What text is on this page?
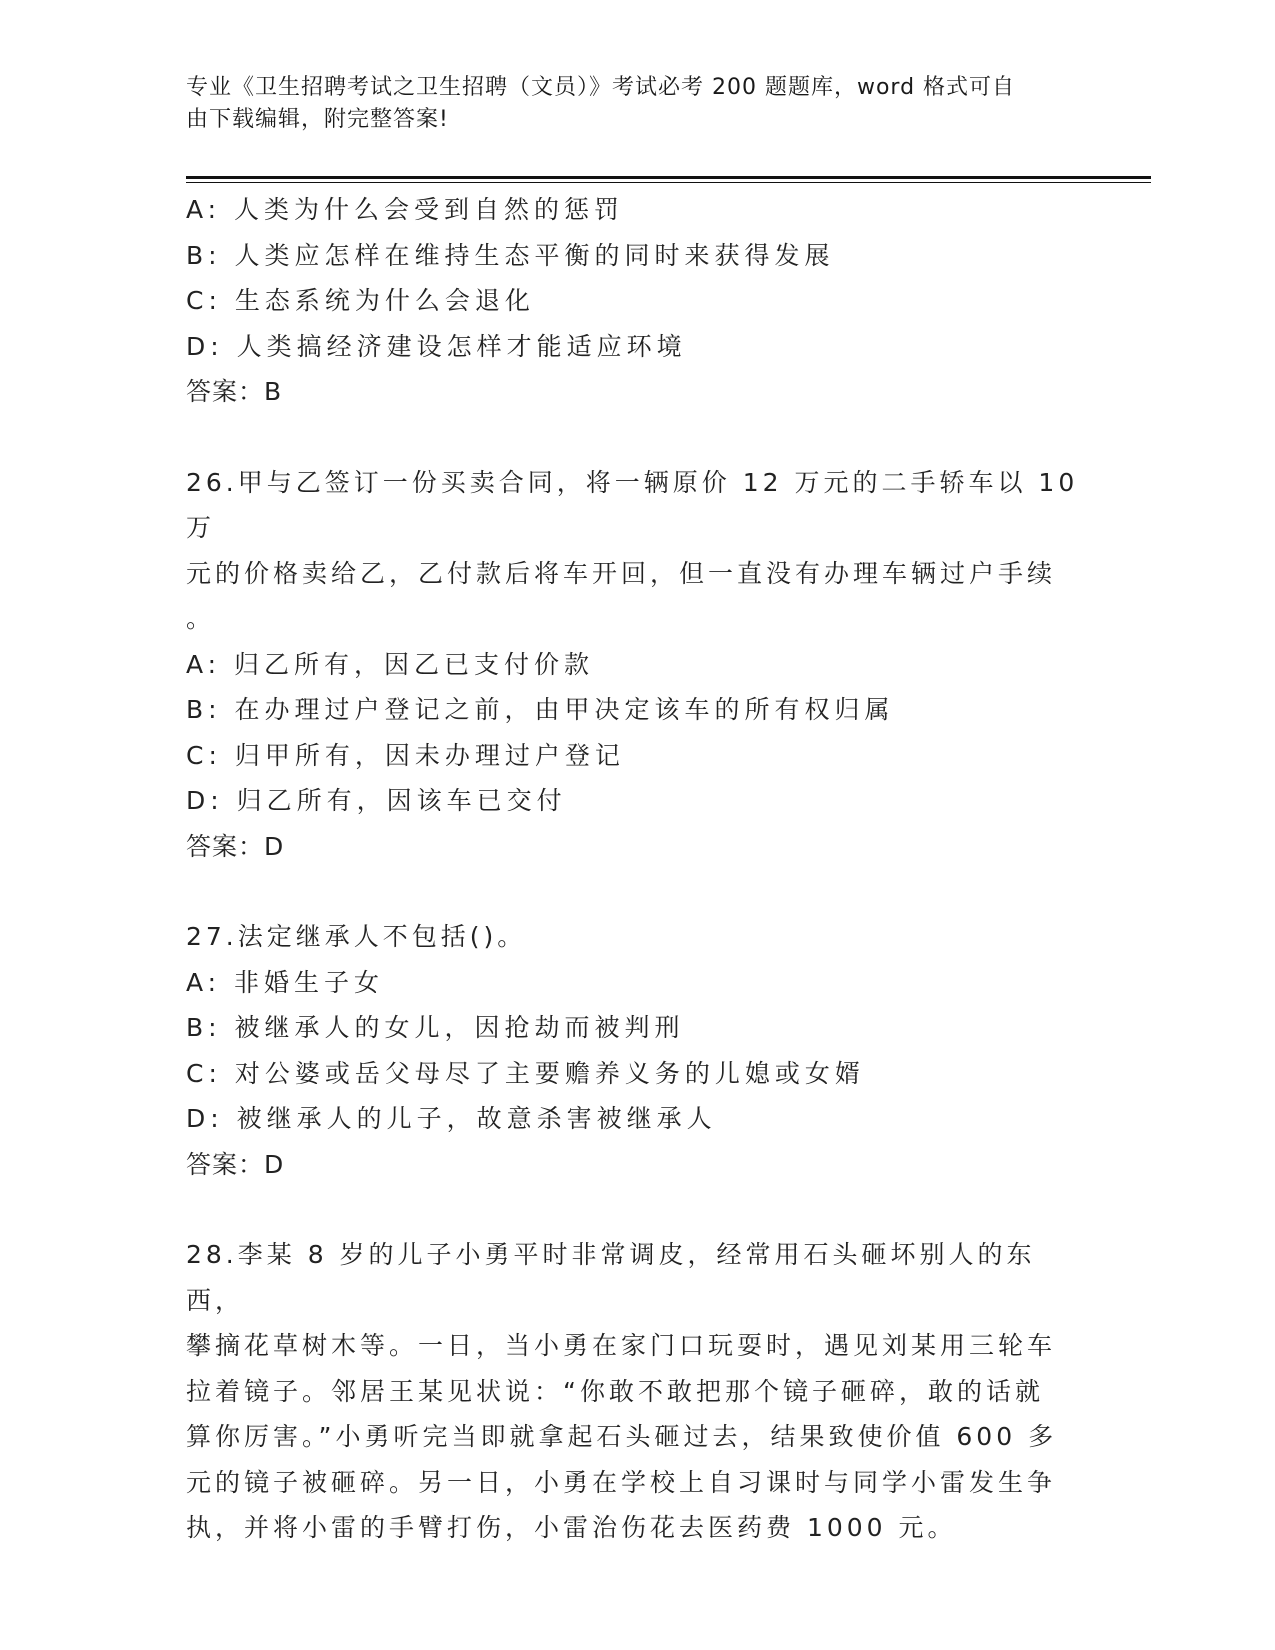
专业《卫生招聘考试之卫生招聘（文员）》考试必考 200 题题库，word 格式可自
由下载编辑，附完整答案!
A: 人类为什么会受到自然的惩罚
B: 人类应怎样在维持生态平衡的同时来获得发展
C: 生态系统为什么会退化
D: 人类搞经济建设怎样才能适应环境
答案：B
26.甲与乙签订一份买卖合同，将一辆原价 12 万元的二手轿车以 10 万
元的价格卖给乙，乙付款后将车开回，但一直没有办理车辆过户手续
。
A: 归乙所有，因乙已支付价款
B: 在办理过户登记之前，由甲决定该车的所有权归属
C: 归甲所有，因未办理过户登记
D: 归乙所有，因该车已交付
答案：D
27.法定继承人不包括()。
A: 非婚生子女
B: 被继承人的女儿，因抢劫而被判刑
C: 对公婆或岳父母尽了主要赡养义务的儿媳或女婿
D: 被继承人的儿子，故意杀害被继承人
答案：D
28.李某 8 岁的儿子小勇平时非常调皮，经常用石头砸坏别人的东西，
攀摘花草树木等。一日，当小勇在家门口玩耍时，遇见刘某用三轮车
拉着镜子。邻居王某见状说：“你敢不敢把那个镜子砸碎，敢的话就
算你厉害。”小勇听完当即就拿起石头砸过去，结果致使价值 600 多
元的镜子被砸碎。另一日，小勇在学校上自习课时与同学小雷发生争
执，并将小雷的手臂打伤，小雷治伤花去医药费 1000 元。
